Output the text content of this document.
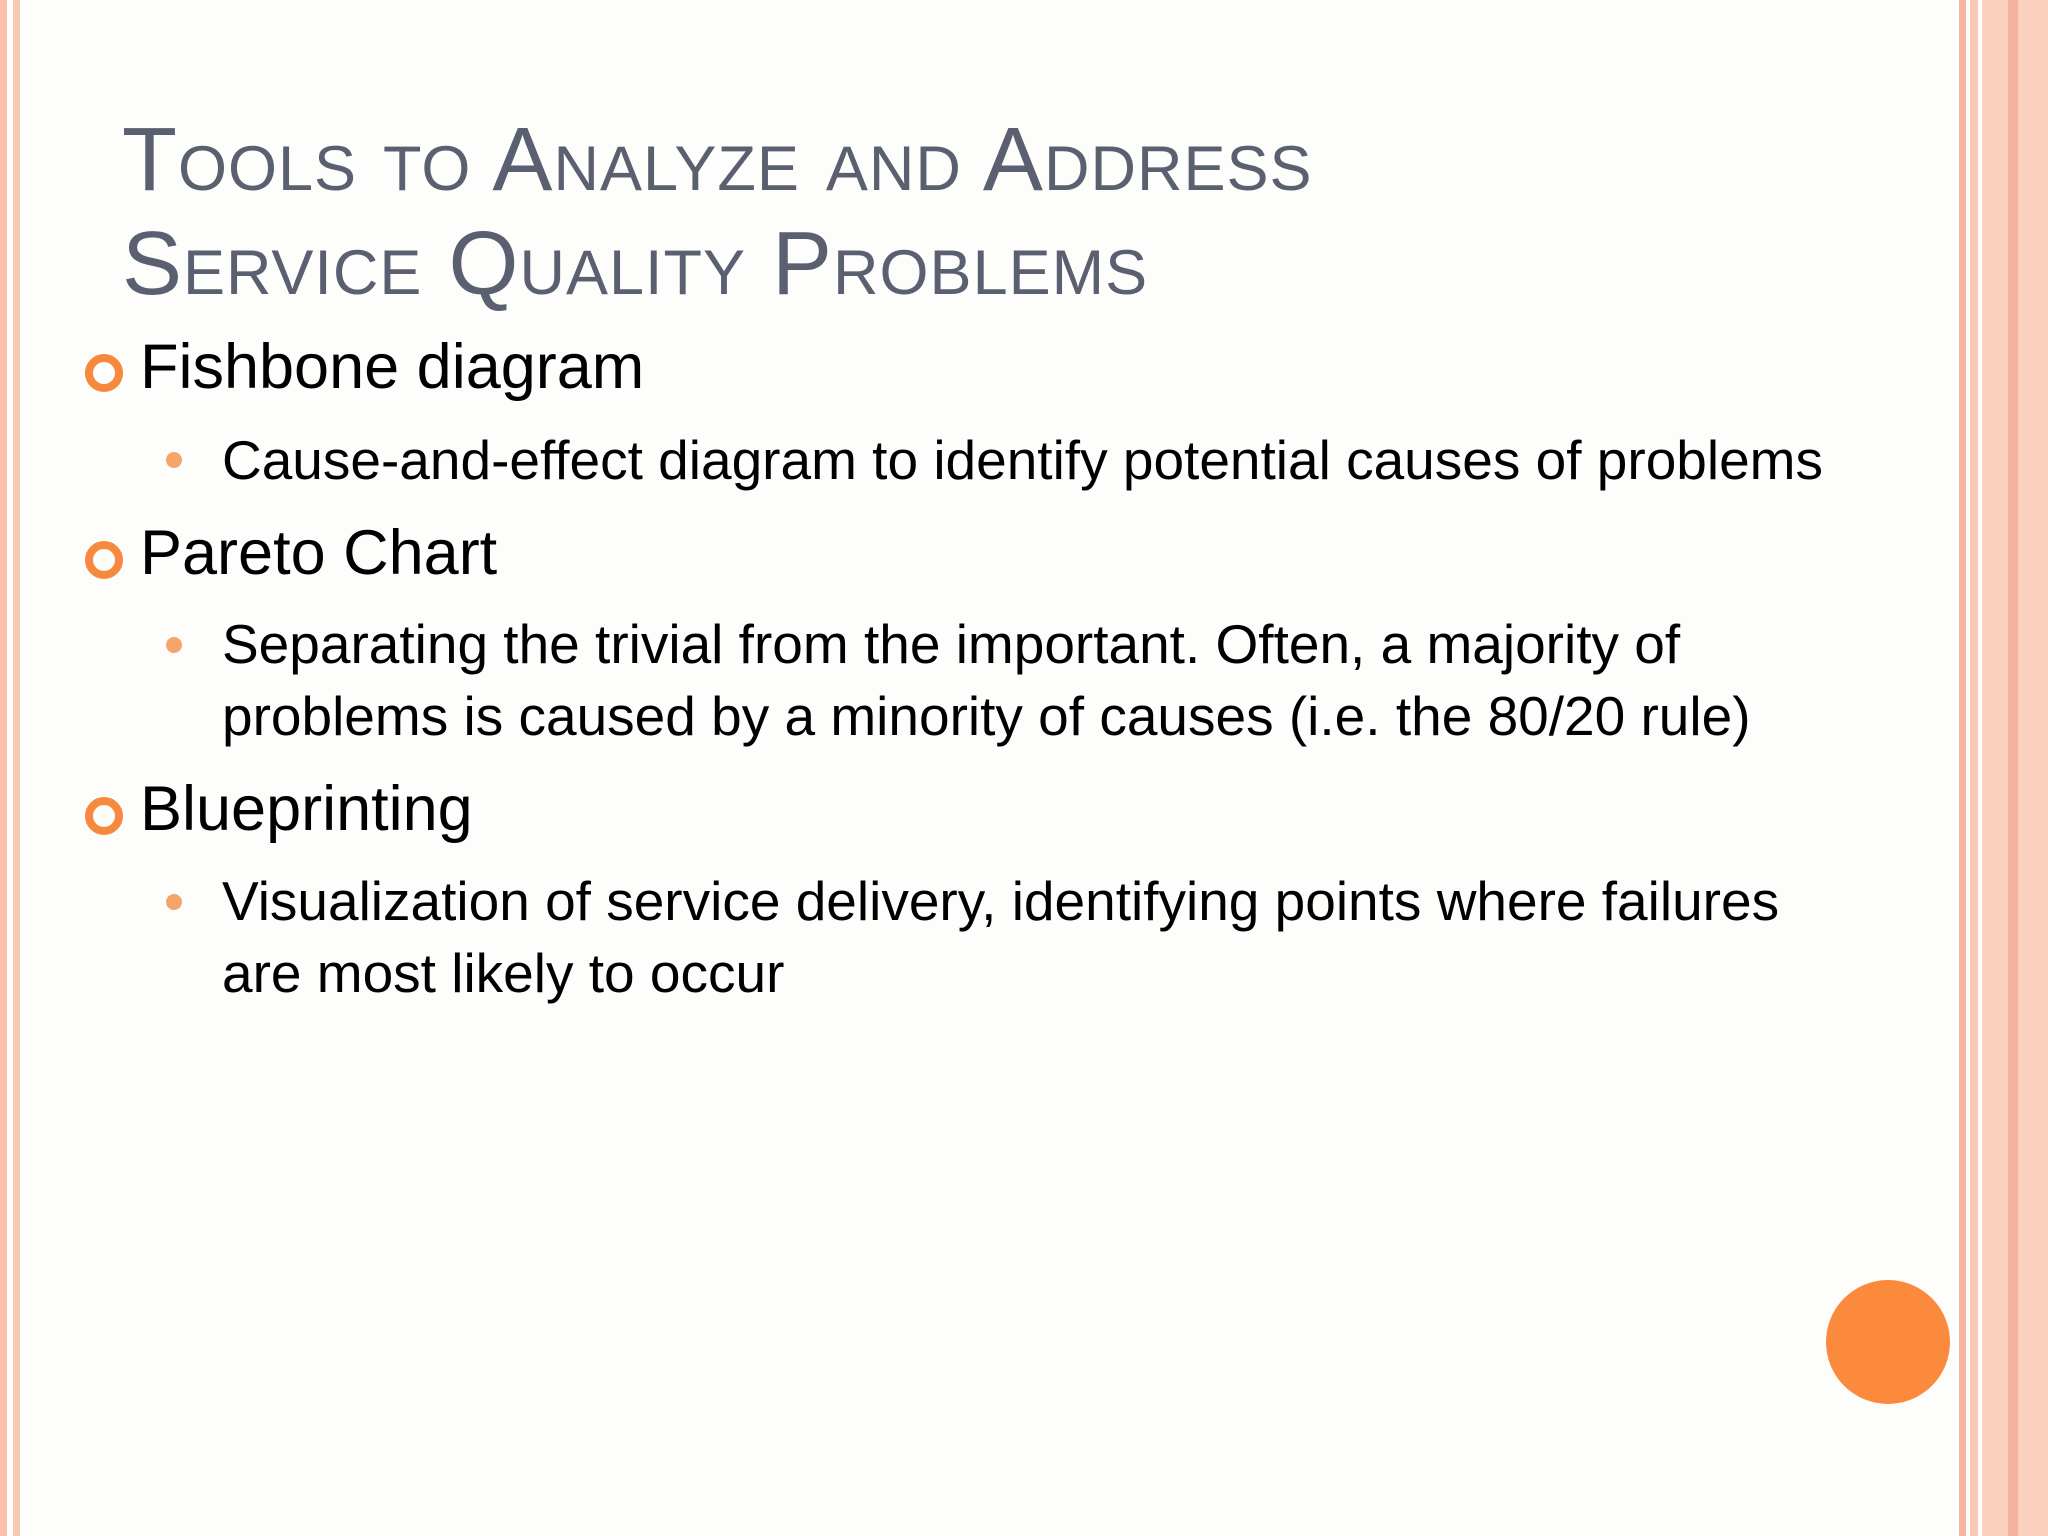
Tools to Analyze and Address
Service Quality Problems
Fishbone diagram
Cause-and-effect diagram to identify potential causes of problems
Pareto Chart
Separating the trivial from the important. Often, a majority of
problems is caused by a minority of causes (i.e. the 80/20 rule)
Blueprinting
Visualization of service delivery, identifying points where failures
are most likely to occur
